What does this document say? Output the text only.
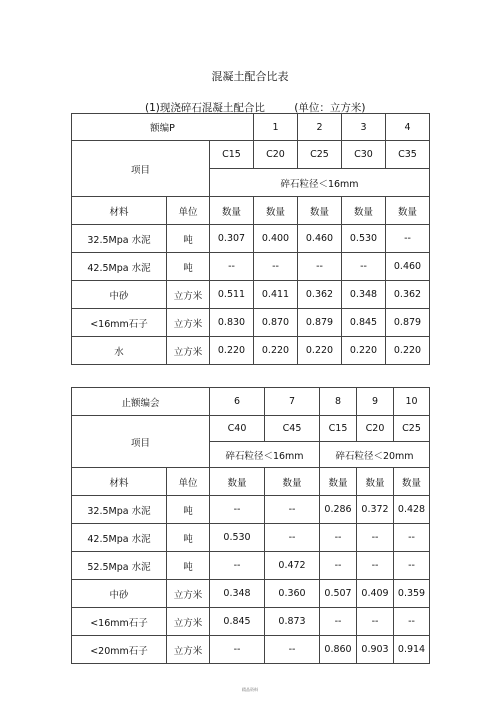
混凝土配合比表
(1)现浇碎石混凝土配合比	(单位：立方米)
额编P			1	2	3	4	
项目		C15	C20	C25	C30	C35	
		碎石粒径＜16mm					
材料	单位	数量	数量	数量	数量	数量	
32.5Mpa 水泥	吨	0.307	0.400	0.460	0.530	--	
42.5Mpa 水泥	吨	--	--	--	--	0.460	
中砂	立方米	0.511	0.411	0.362	0.348	0.362	
<16mm石子	立方米	0.830	0.870	0.879	0.845	0.879	
水	立方米	0.220	0.220	0.220	0.220	0.220	
止额编会		6	7	8	9	10
项目		C40	C45	C15	C20	C25
		碎石粒径＜16mm		碎石粒径＜20mm		
材料	单位	数量	数量	数量	数量	数量
32.5Mpa 水泥	吨	--	--	0.286	0.372	0.428
42.5Mpa 水泥	吨	0.530	--	--	--	--
52.5Mpa 水泥	吨	--	0.472	--	--	--
中砂	立方米	0.348	0.360	0.507	0.409	0.359
<16mm石子	立方米	0.845	0.873	--	--	--
<20mm石子	立方米	--	--	0.860	0.903	0.914
精品资料
